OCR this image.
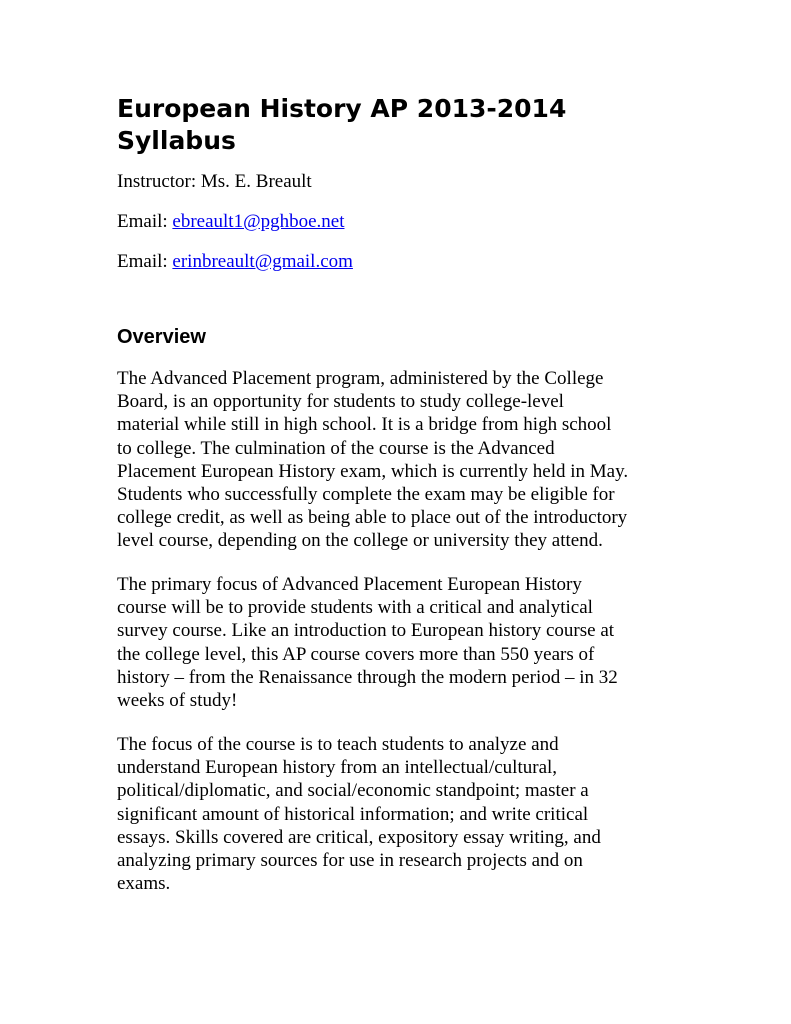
European History AP 2013-2014
Syllabus

Instructor: Ms. E. Breault

Email: ebreault1@pghboe.net

Email: erinbreault@gmail.com

Overview
The Advanced Placement program, administered by the College
Board, is an opportunity for students to study college-level
material while still in high school. It is a bridge from high school
to college. The culmination of the course is the Advanced
Placement European History exam, which is currently held in May.
Students who successfully complete the exam may be eligible for
college credit, as well as being able to place out of the introductory
level course, depending on the college or university they attend.
The primary focus of Advanced Placement European History
course will be to provide students with a critical and analytical
survey course. Like an introduction to European history course at
the college level, this AP course covers more than 550 years of
history – from the Renaissance through the modern period – in 32
weeks of study!
The focus of the course is to teach students to analyze and
understand European history from an intellectual/cultural,
political/diplomatic, and social/economic standpoint; master a
significant amount of historical information; and write critical
essays. Skills covered are critical, expository essay writing, and
analyzing primary sources for use in research projects and on
exams.
